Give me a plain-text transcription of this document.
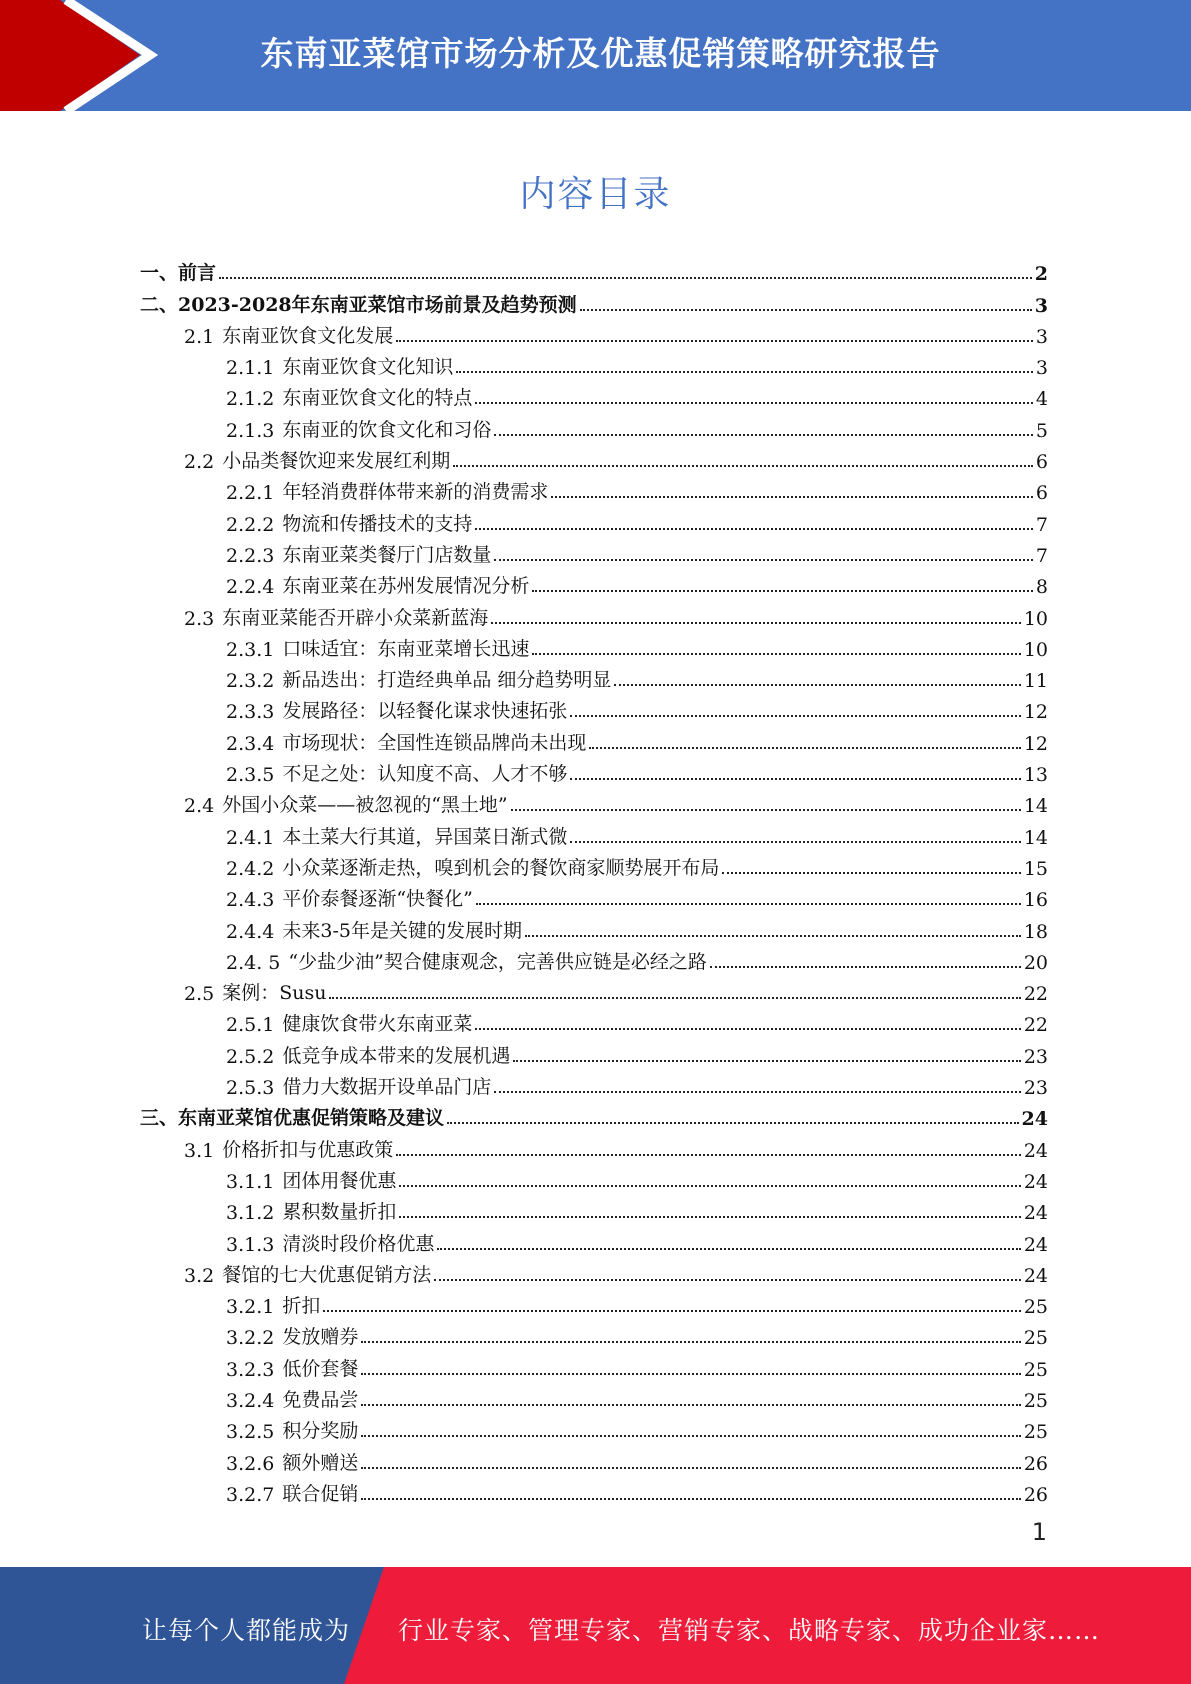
东南亚菜馆市场分析及优惠促销策略研究报告
内容目录
一、前言	2
二、2023-2028年东南亚菜馆市场前景及趋势预测	3
2.1 东南亚饮食文化发展	3
2.1.1 东南亚饮食文化知识	3
2.1.2 东南亚饮食文化的特点	4
2.1.3 东南亚的饮食文化和习俗	5
2.2 小品类餐饮迎来发展红利期	6
2.2.1 年轻消费群体带来新的消费需求	6
2.2.2 物流和传播技术的支持	7
2.2.3 东南亚菜类餐厅门店数量	7
2.2.4 东南亚菜在苏州发展情况分析	8
2.3 东南亚菜能否开辟小众菜新蓝海	10
2.3.1 口味适宜：东南亚菜增长迅速	10
2.3.2 新品迭出：打造经典单品 细分趋势明显	11
2.3.3 发展路径：以轻餐化谋求快速拓张	12
2.3.4 市场现状：全国性连锁品牌尚未出现	12
2.3.5 不足之处：认知度不高、人才不够	13
2.4 外国小众菜——被忽视的“黑土地”	14
2.4.1 本土菜大行其道，异国菜日渐式微	14
2.4.2 小众菜逐渐走热，嗅到机会的餐饮商家顺势展开布局	15
2.4.3 平价泰餐逐渐“快餐化”	16
2.4.4 未来3-5年是关键的发展时期	18
2.4. 5 “少盐少油”契合健康观念，完善供应链是必经之路	20
2.5 案例：Susu	22
2.5.1 健康饮食带火东南亚菜	22
2.5.2 低竞争成本带来的发展机遇	23
2.5.3 借力大数据开设单品门店	23
三、东南亚菜馆优惠促销策略及建议	24
3.1 价格折扣与优惠政策	24
3.1.1 团体用餐优惠	24
3.1.2 累积数量折扣	24
3.1.3 清淡时段价格优惠	24
3.2 餐馆的七大优惠促销方法	24
3.2.1 折扣	25
3.2.2 发放赠券	25
3.2.3 低价套餐	25
3.2.4 免费品尝	25
3.2.5 积分奖励	25
3.2.6 额外赠送	26
3.2.7 联合促销	26
1
让每个人都能成为 行业专家、管理专家、营销专家、战略专家、成功企业家……
